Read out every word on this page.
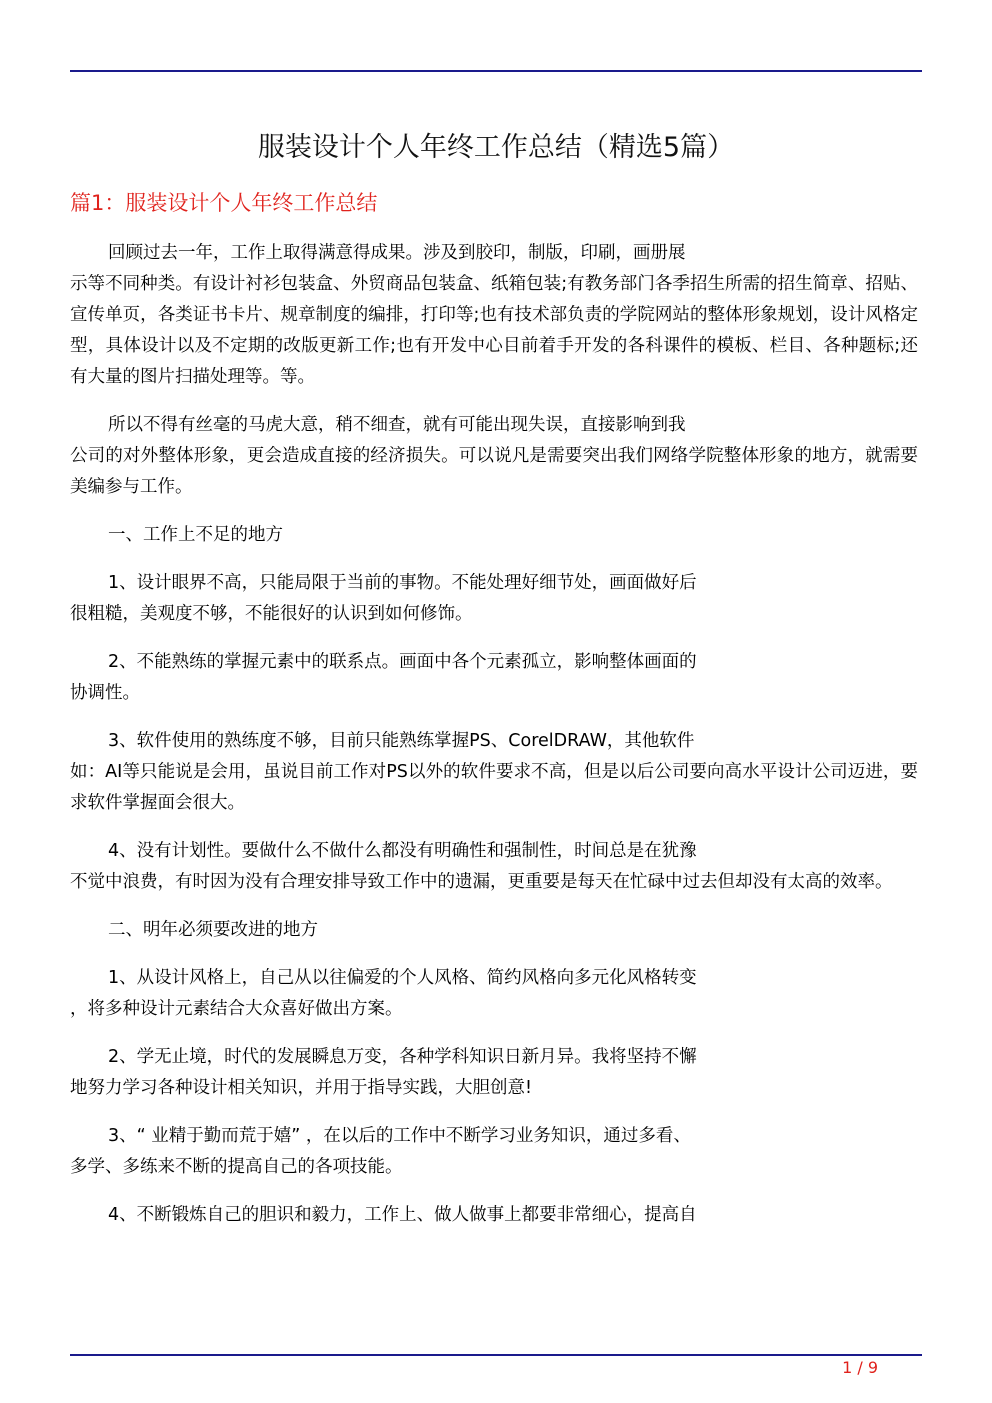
服装设计个人年终工作总结（精选5篇）
篇1：服装设计个人年终工作总结

回顾过去一年，工作上取得满意得成果。涉及到胶印，制版，印刷，画册展
示等不同种类。有设计衬衫包装盒、外贸商品包装盒、纸箱包装;有教务部门各季招生所需的招生简章、招贴、宣传单页，各类证书卡片、规章制度的编排，打印等;也有技术部负责的学院网站的整体形象规划，设计风格定型，具体设计以及不定期的改版更新工作;也有开发中心目前着手开发的各科课件的模板、栏目、各种题标;还有大量的图片扫描处理等。等。

所以不得有丝毫的马虎大意，稍不细查，就有可能出现失误，直接影响到我
公司的对外整体形象，更会造成直接的经济损失。可以说凡是需要突出我们网络学院整体形象的地方，就需要美编参与工作。

一、工作上不足的地方

1、设计眼界不高，只能局限于当前的事物。不能处理好细节处，画面做好后
很粗糙，美观度不够，不能很好的认识到如何修饰。

2、不能熟练的掌握元素中的联系点。画面中各个元素孤立，影响整体画面的
协调性。

3、软件使用的熟练度不够，目前只能熟练掌握PS、CorelDRAW，其他软件
如：AI等只能说是会用，虽说目前工作对PS以外的软件要求不高，但是以后公司要向高水平设计公司迈进，要求软件掌握面会很大。

4、没有计划性。要做什么不做什么都没有明确性和强制性，时间总是在犹豫
不觉中浪费，有时因为没有合理安排导致工作中的遗漏，更重要是每天在忙碌中过去但却没有太高的效率。

二、明年必须要改进的地方

1、从设计风格上，自己从以往偏爱的个人风格、简约风格向多元化风格转变
，将多种设计元素结合大众喜好做出方案。

2、学无止境，时代的发展瞬息万变，各种学科知识日新月异。我将坚持不懈
地努力学习各种设计相关知识，并用于指导实践，大胆创意!

3、“ 业精于勤而荒于嬉” ，在以后的工作中不断学习业务知识，通过多看、
多学、多练来不断的提高自己的各项技能。

4、不断锻炼自己的胆识和毅力，工作上、做人做事上都要非常细心，提高自

1 / 9
